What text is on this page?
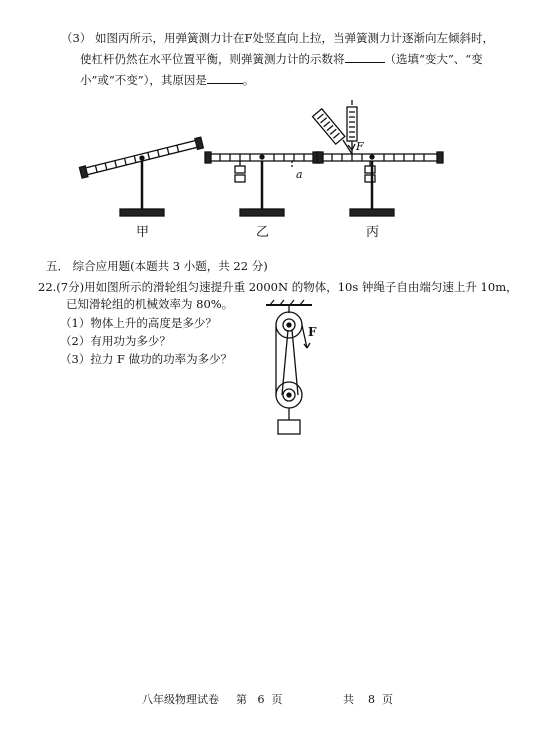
（3） 如图丙所示，用弹簧测力计在F处竖直向上拉，当弹簧测力计逐渐向左倾斜时，
使杠杆仍然在水平位置平衡，则弹簧测力计的示数将	（选填“变大”、“变
小”或“不变”），其原因是	。
甲	乙	丙
a
F
F
五． 综合应用题(本题共 3 小题，共 22 分)
22.(7分)用如图所示的滑轮组匀速提升重 2000N 的物体，10s 钟绳子自由端匀速上升 10m，
已知滑轮组的机械效率为 80%。
（1）物体上升的高度是多少？
（2）有用功为多少？
（3）拉力 F 做功的功率为多少？
八年级物理试卷 第 6 页	共 8 页
